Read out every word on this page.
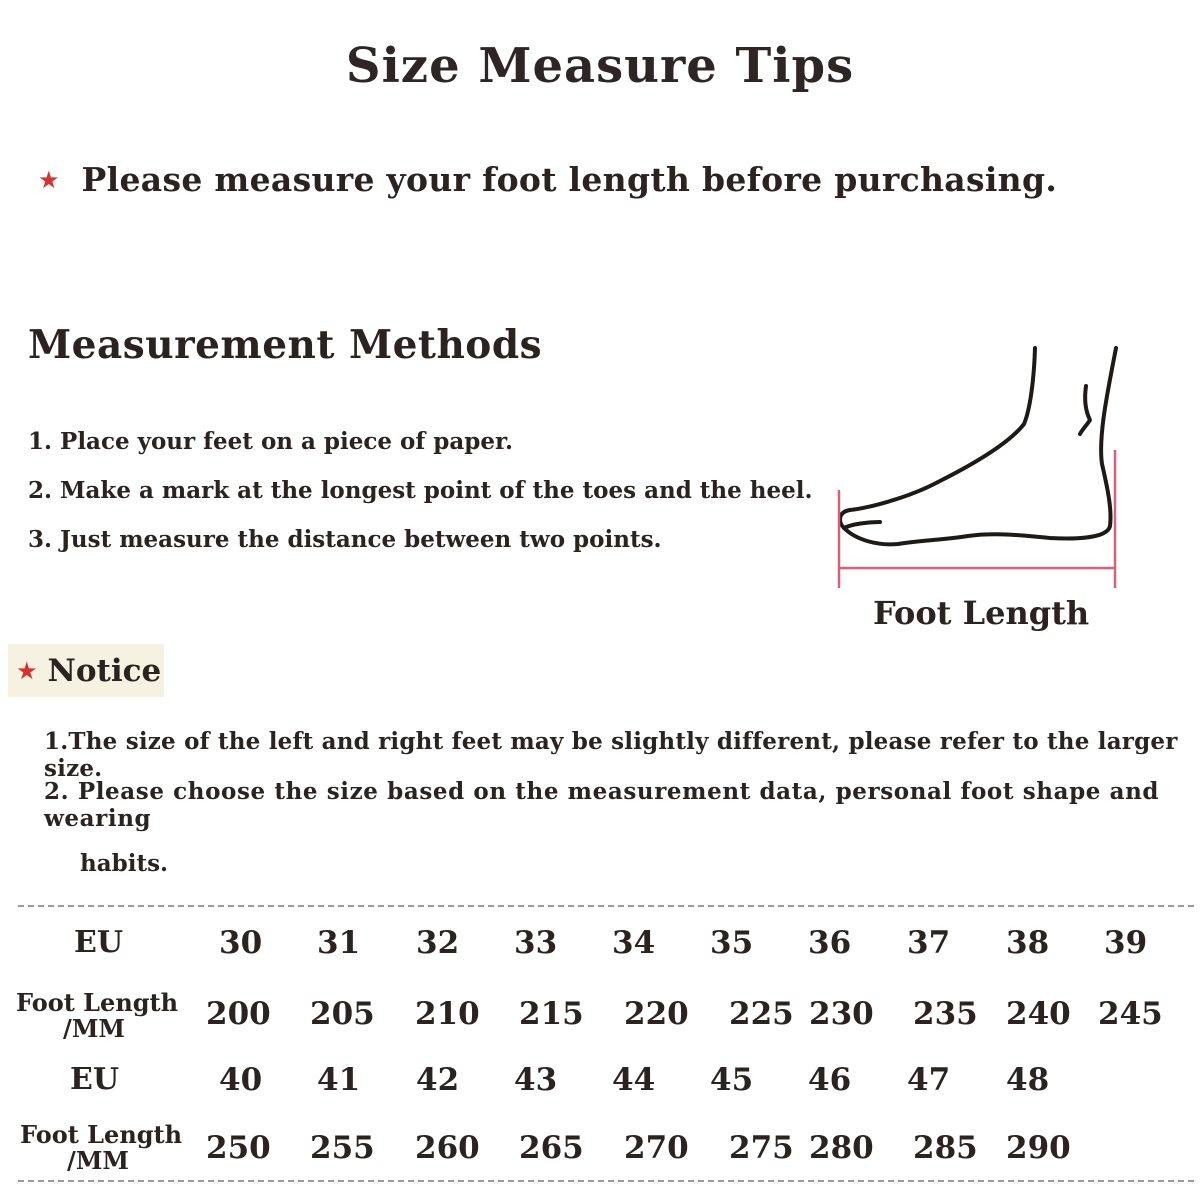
Size Measure Tips
★ Please measure your foot length before purchasing.
Measurement Methods
1. Place your feet on a piece of paper.
2. Make a mark at the longest point of the toes and the heel.
3. Just measure the distance between two points.
Foot Length
★ Notice
1.The size of the left and right feet may be slightly different, please refer to the larger size.
2. Please choose the size based on the measurement data, personal foot shape and wearing
habits.
EU	30 31 32 33 34 35 36 37 38 39
Foot Length
/MM	200 205 210 215 220 225 230 235 240 245
EU	40 41 42 43 44 45 46 47 48
Foot Length
/MM	250 255 260 265 270 275 280 285 290
